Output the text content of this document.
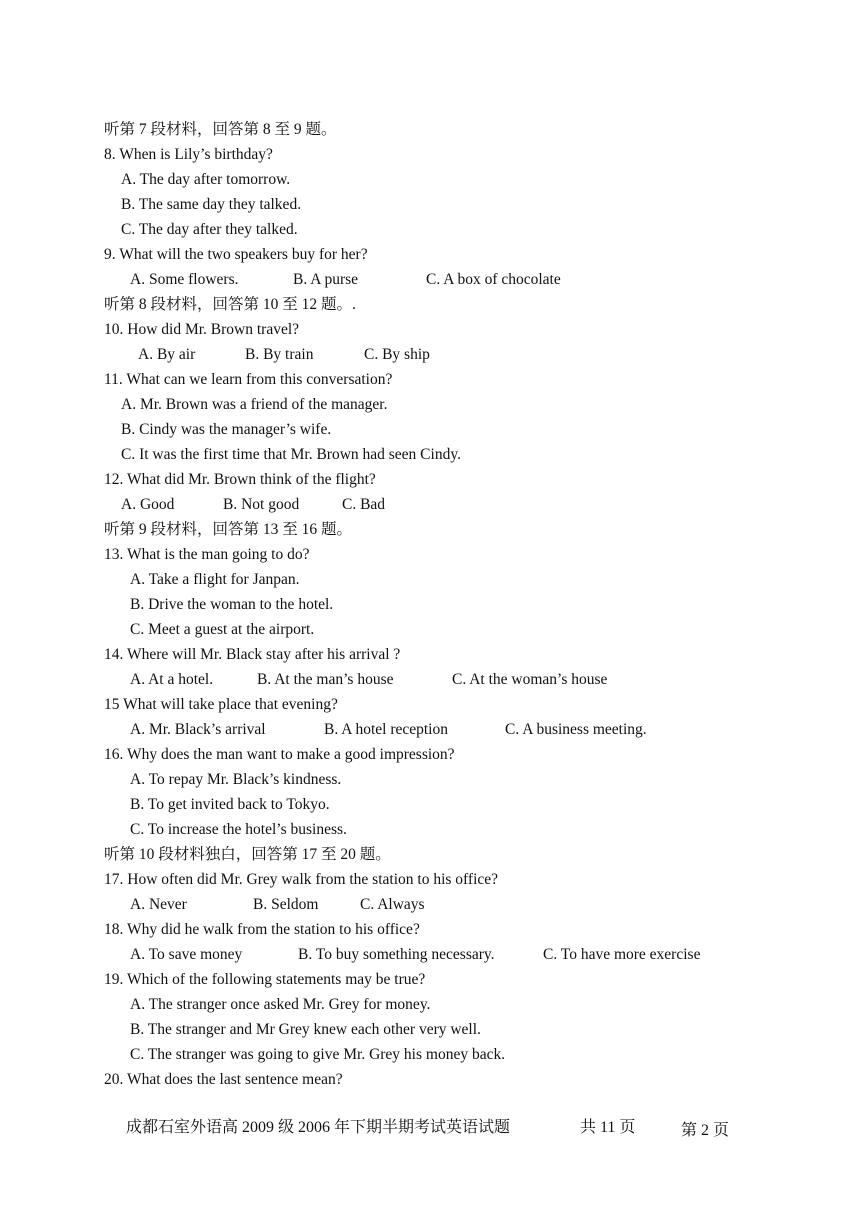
听第 7 段材料，回答第 8 至 9 题。
8. When is Lily’s birthday?
A. The day after tomorrow.
B. The same day they talked.
C. The day after they talked.
9. What will the two speakers buy for her?
A. Some flowers.	B. A purse	C. A box of chocolate
听第 8 段材料，回答第 10 至 12 题。.
10. How did Mr. Brown travel?
A. By air	B. By train	C. By ship
11. What can we learn from this conversation?
A. Mr. Brown was a friend of the manager.
B. Cindy was the manager’s wife.
C. It was the first time that Mr. Brown had seen Cindy.
12. What did Mr. Brown think of the flight?
A. Good	B. Not good	C. Bad
听第 9 段材料，回答第 13 至 16 题。
13. What is the man going to do?
A. Take a flight for Janpan.
B. Drive the woman to the hotel.
C. Meet a guest at the airport.
14. Where will Mr. Black stay after his arrival ?
A. At a hotel.	B. At the man’s house	C. At the woman’s house
15 What will take place that evening?
A. Mr. Black’s arrival	B. A hotel reception	C. A business meeting.
16. Why does the man want to make a good impression?
A. To repay Mr. Black’s kindness.
B. To get invited back to Tokyo.
C. To increase the hotel’s business.
听第 10 段材料独白，回答第 17 至 20 题。
17. How often did Mr. Grey walk from the station to his office?
A. Never	B. Seldom	C. Always
18. Why did he walk from the station to his office?
A. To save money	B. To buy something necessary.	C. To have more exercise
19. Which of the following statements may be true?
A. The stranger once asked Mr. Grey for money.
B. The stranger and Mr Grey knew each other very well.
C. The stranger was going to give Mr. Grey his money back.
20. What does the last sentence mean?
成都石室外语高 2009 级 2006 年下期半期考试英语试题	共 11 页	第 2 页
